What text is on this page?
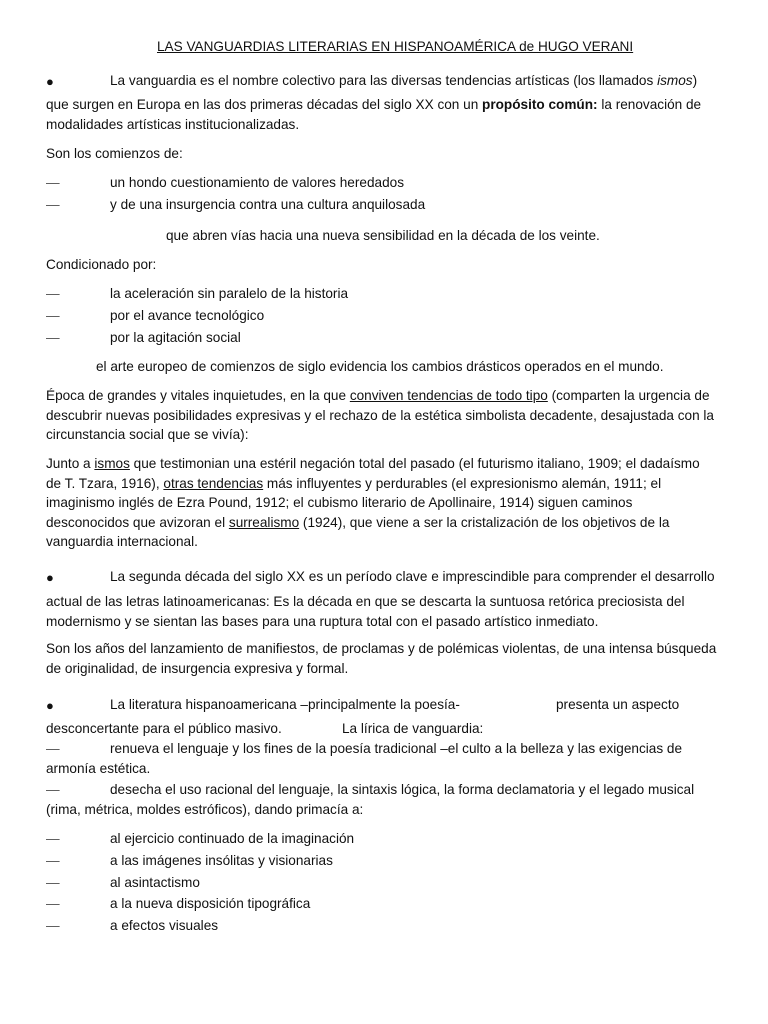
LAS VANGUARDIAS LITERARIAS EN HISPANOAMÉRICA de HUGO VERANI
●	La vanguardia es el nombre colectivo para las diversas tendencias artísticas (los llamados ismos)
que surgen en Europa en las dos primeras décadas del siglo XX con un propósito común: la renovación de modalidades artísticas institucionalizadas.
Son los comienzos de:
—	un hondo cuestionamiento de valores heredados
—	y de una insurgencia contra una cultura anquilosada
que abren vías hacia una nueva sensibilidad en la década de los veinte.
Condicionado por:
—	la aceleración sin paralelo de la historia
—	por el avance tecnológico
—	por la agitación social
el arte europeo de comienzos de siglo evidencia los cambios drásticos operados en el mundo.
Época de grandes y vitales inquietudes, en la que conviven tendencias de todo tipo (comparten la urgencia de descubrir nuevas posibilidades expresivas y el rechazo de la estética simbolista decadente, desajustada con la circunstancia social que se vivía):
Junto a ismos que testimonian una estéril negación total del pasado (el futurismo italiano, 1909; el dadaísmo de T. Tzara, 1916), otras tendencias más influyentes y perdurables (el expresionismo alemán, 1911; el imaginismo inglés de Ezra Pound, 1912; el cubismo literario de Apollinaire, 1914) siguen caminos desconocidos que avizoran el surrealismo (1924), que viene a ser la cristalización de los objetivos de la vanguardia internacional.
●	La segunda década del siglo XX es un período clave e imprescindible para comprender el desarrollo
actual de las letras latinoamericanas: Es la década en que se descarta la suntuosa retórica preciosista del modernismo y se sientan las bases para una ruptura total con el pasado artístico inmediato.
Son los años del lanzamiento de manifiestos, de proclamas y de polémicas violentas, de una intensa búsqueda de originalidad, de insurgencia expresiva y formal.
●	La literatura hispanoamericana –principalmente la poesía-	presenta un aspecto
desconcertante para el público masivo.	La lírica de vanguardia:
—	renueva el lenguaje y los fines de la poesía tradicional –el culto a la belleza y las exigencias de
armonía estética.
—	desecha el uso racional del lenguaje, la sintaxis lógica, la forma declamatoria y el legado musical
(rima, métrica, moldes estróficos), dando primacía a:
—	al ejercicio continuado de la imaginación
—	a las imágenes insólitas y visionarias
—	al asintactismo
—	a la nueva disposición tipográfica
—	a efectos visuales
